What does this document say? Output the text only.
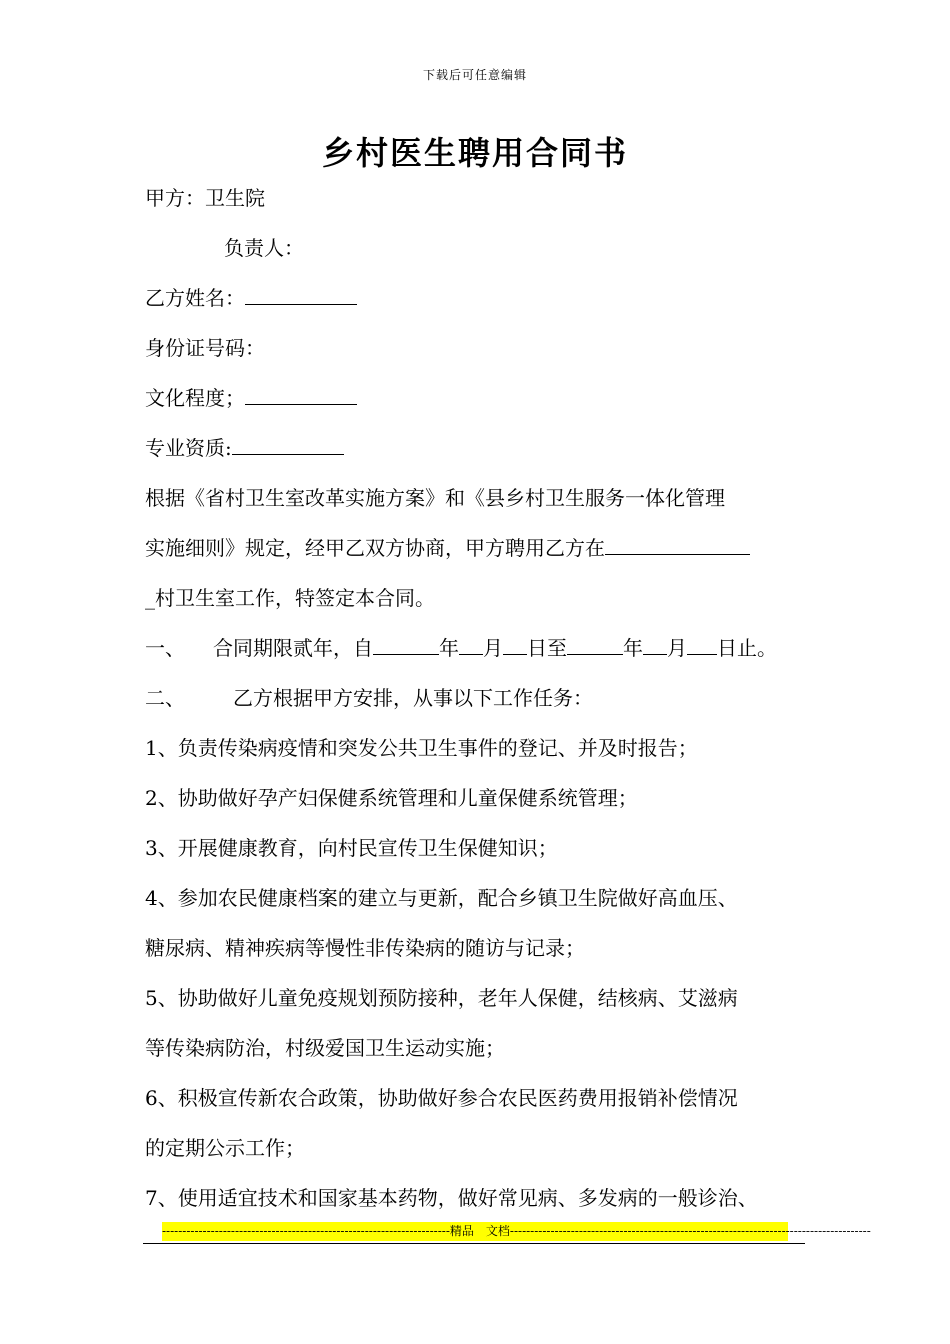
下载后可任意编辑
乡村医生聘用合同书
甲方：卫生院
负责人：
乙方姓名：
身份证号码：
文化程度；
专业资质:
根据《省村卫生室改革实施方案》和《县乡村卫生服务一体化管理
实施细则》规定，经甲乙双方协商，甲方聘用乙方在
_村卫生室工作，特签定本合同。
一、 合同期限贰年，自	年 月 日至	年 月 日止。
二、 乙方根据甲方安排，从事以下工作任务：
1、负责传染病疫情和突发公共卫生事件的登记、并及时报告；
2、协助做好孕产妇保健系统管理和儿童保健系统管理；
3、开展健康教育，向村民宣传卫生保健知识；
4、参加农民健康档案的建立与更新，配合乡镇卫生院做好高血压、
糖尿病、精神疾病等慢性非传染病的随访与记录；
5、协助做好儿童免疫规划预防接种，老年人保健，结核病、艾滋病
等传染病防治，村级爱国卫生运动实施；
6、积极宣传新农合政策，协助做好参合农民医药费用报销补偿情况
的定期公示工作；
7、使用适宜技术和国家基本药物，做好常见病、多发病的一般诊治、
-----------------------------------------------------------------------精品　文档-----------------------------------------------------------------------------------------
